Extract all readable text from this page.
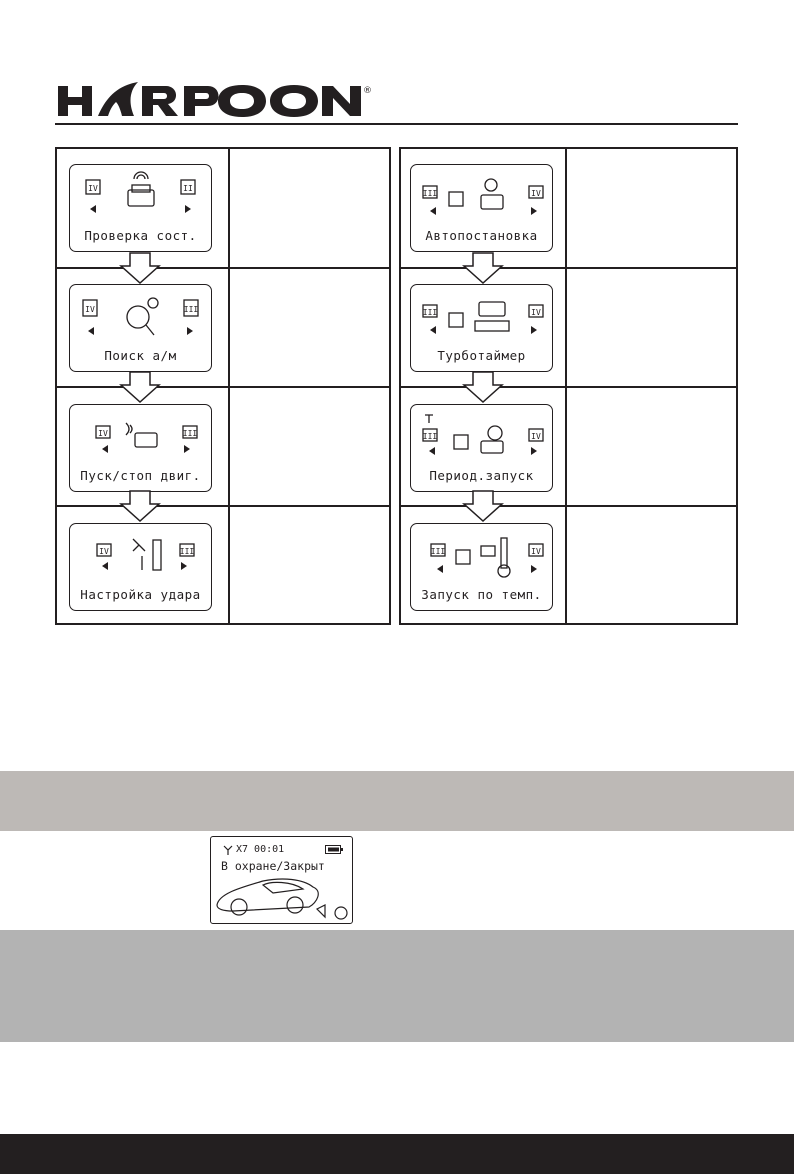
®
IV	II
Проверка сост.
IV	III
Поиск а/м
IV	III
Пуск/стоп двиг.
IV	III
Настройка удара
III	IV
Автопостановка
III	IV
Турботаймер
III	IV
Период.запуск
III	IV
Запуск по темп.
X7 00:01
В охране/Закрыт
